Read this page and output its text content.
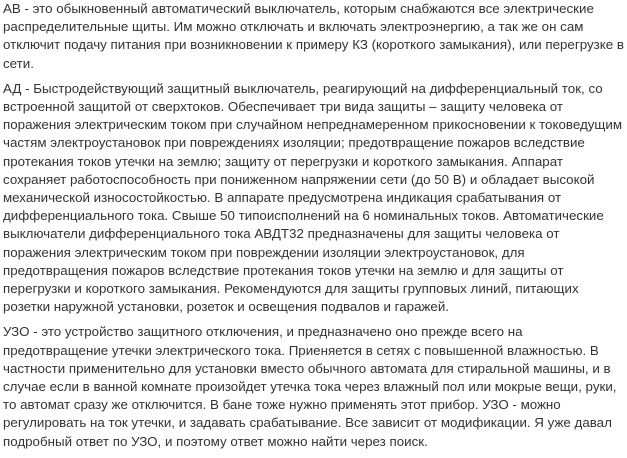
АВ - это обыкновенный автоматический выключатель, которым снабжаются все электрические распределительные щиты. Им можно отключать и включать электроэнергию, а так же он сам отключит подачу питания при возникновении к примеру КЗ (короткого замыкания), или перегрузке в сети.

АД - Быстродействующий защитный выключатель, реагирующий на дифференциальный ток, со встроенной защитой от сверхтоков. Обеспечивает три вида защиты – защиту человека от поражения электрическим током при случайном непреднамеренном прикосновении к токоведущим частям электроустановок при повреждениях изоляции; предотвращение пожаров вследствие протекания токов утечки на землю; защиту от перегрузки и короткого замыкания. Аппарат сохраняет работоспособность при пониженном напряжении сети (до 50 В) и обладает высокой механической износостойкостью. В аппарате предусмотрена индикация срабатывания от дифференциального тока. Свыше 50 типоисполнений на 6 номинальных токов. Автоматические выключатели дифференциального тока АВДТ32 предназначены для защиты человека от поражения электрическим током при повреждении изоляции электроустановок, для предотвращения пожаров вследствие протекания токов утечки на землю и для защиты от перегрузки и короткого замыкания. Рекомендуются для защиты групповых линий, питающих розетки наружной установки, розеток и освещения подвалов и гаражей.

УЗО - это устройство защитного отключения, и предназначено оно прежде всего на предотвращение утечки электрического тока. Приеняется в сетях с повышенной влажностью. В частности применительно для установки вместо обычного автомата для стиральной машины, и в случае если в ванной комнате произойдет утечка тока через влажный пол или мокрые вещи, руки, то автомат сразу же отключится. В бане тоже нужно применять этот прибор. УЗО - можно регулировать на ток утечки, и задавать срабатывание. Все зависит от модификации. Я уже давал подробный ответ по УЗО, и поэтому ответ можно найти через поиск.
